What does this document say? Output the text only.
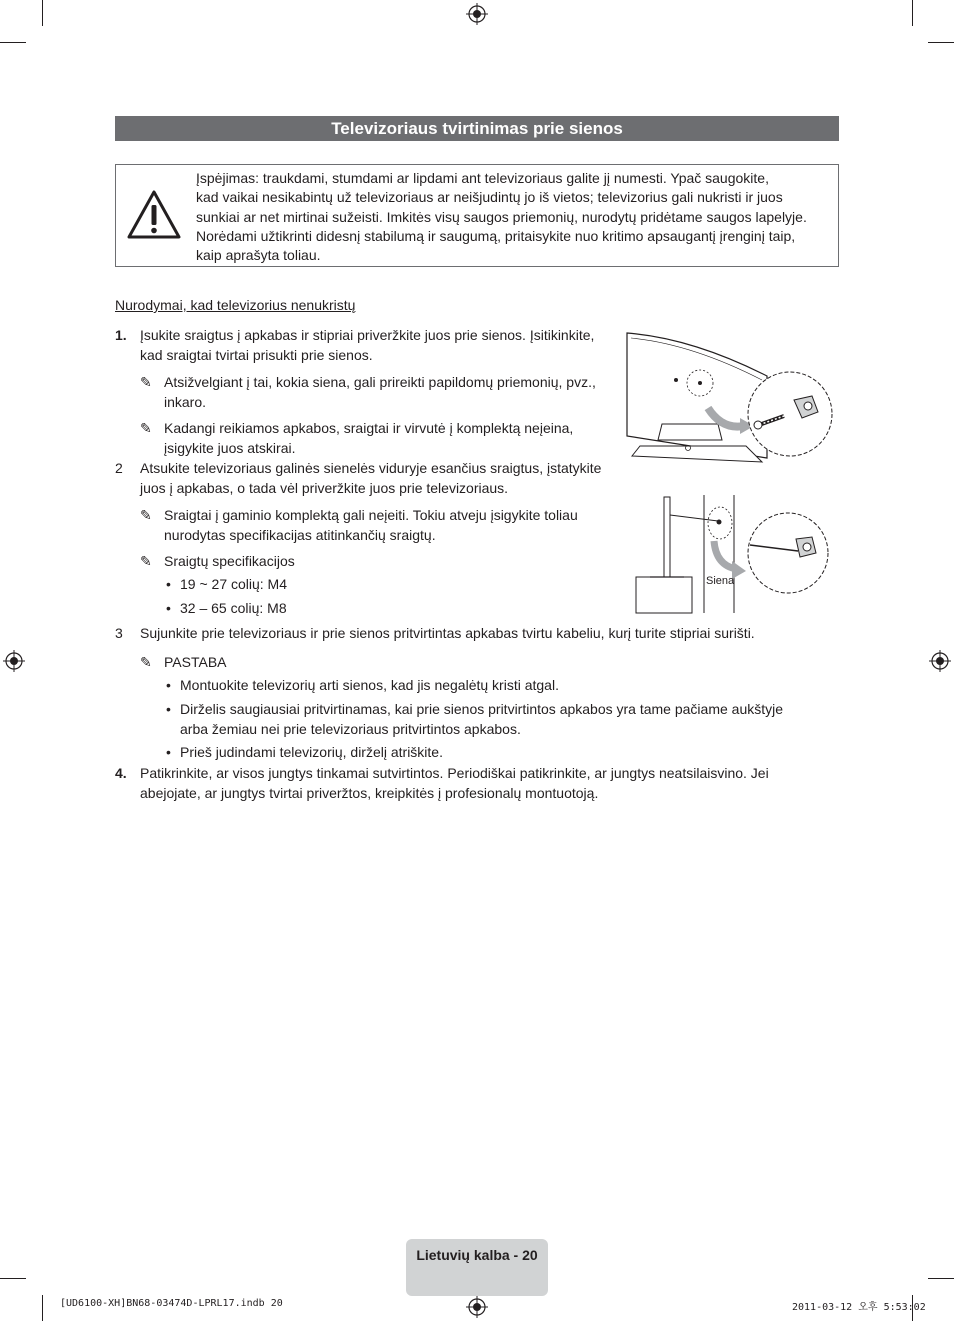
Televizoriaus tvirtinimas prie sienos
Įspėjimas: traukdami, stumdami ar lipdami ant televizoriaus galite jį numesti. Ypač saugokite,
kad vaikai nesikabintų už televizoriaus ar neišjudintų jo iš vietos; televizorius gali nukristi ir juos
sunkiai ar net mirtinai sužeisti. Imkitės visų saugos priemonių, nurodytų pridėtame saugos lapelyje.
Norėdami užtikrinti didesnį stabilumą ir saugumą, pritaisykite nuo kritimo apsaugantį įrenginį taip,
kaip aprašyta toliau.
Nurodymai, kad televizorius nenukristų
1. Įsukite sraigtus į apkabas ir stipriai priveržkite juos prie sienos. Įsitikinkite,
kad sraigtai tvirtai prisukti prie sienos.
✎ Atsižvelgiant į tai, kokia siena, gali prireikti papildomų priemonių, pvz.,
inkaro.
✎ Kadangi reikiamos apkabos, sraigtai ir virvutė į komplektą neįeina,
įsigykite juos atskirai.
2 Atsukite televizoriaus galinės sienelės viduryje esančius sraigtus, įstatykite
juos į apkabas, o tada vėl priveržkite juos prie televizoriaus.
✎ Sraigtai į gaminio komplektą gali neįeiti. Tokiu atveju įsigykite toliau
nurodytas specifikacijas atitinkančių sraigtų.
✎ Sraigtų specifikacijos
• 19 ~ 27 colių: M4
• 32 – 65 colių: M8
3 Sujunkite prie televizoriaus ir prie sienos pritvirtintas apkabas tvirtu kabeliu, kurį turite stipriai surišti.
✎ PASTABA
• Montuokite televizorių arti sienos, kad jis negalėtų kristi atgal.
• Dirželis saugiausiai pritvirtinamas, kai prie sienos pritvirtintos apkabos yra tame pačiame aukštyje
arba žemiau nei prie televizoriaus pritvirtintos apkabos.
• Prieš judindami televizorių, dirželį atriškite.
4. Patikrinkite, ar visos jungtys tinkamai sutvirtintos. Periodiškai patikrinkite, ar jungtys neatsilaisvino. Jei
abejojate, ar jungtys tvirtai priveržtos, kreipkitės į profesionalų montuotoją.
Siena
Lietuvių kalba - 20
[UD6100-XH]BN68-03474D-LPRL17.indb 20	2011-03-12 오후 5:53:02
